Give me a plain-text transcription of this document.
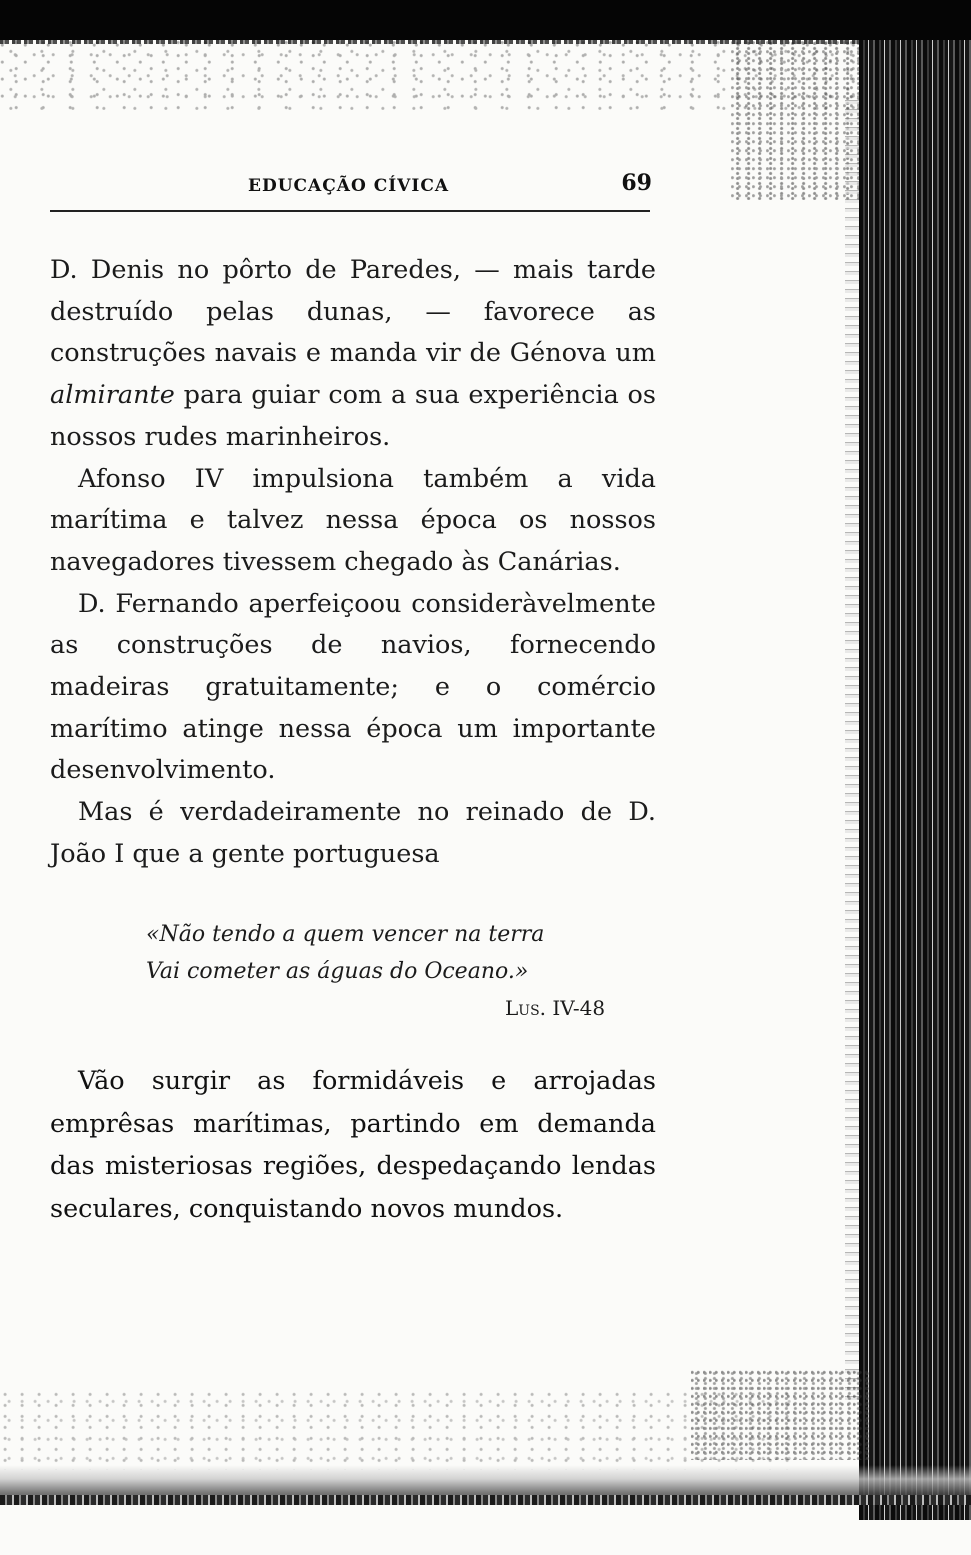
EDUCAÇÃO CÍVICA	69

D. Denis no pôrto de Paredes, — mais tarde destruído pelas dunas, — favorece as construções navais e manda vir de Génova um almirante para guiar com a sua experiência os nossos rudes marinheiros.

Afonso IV impulsiona também a vida marítima e talvez nessa época os nossos navegadores tivessem chegado às Canárias.

D. Fernando aperfeiçoou consideràvelmente as construções de navios, fornecendo madeiras gratuitamente; e o comércio marítimo atinge nessa época um importante desenvolvimento.

Mas é verdadeiramente no reinado de D. João I que a gente portuguesa

«Não tendo a quem vencer na terra
Vai cometer as águas do Oceano.»
Lus. IV-48

Vão surgir as formidáveis e arrojadas emprêsas marítimas, partindo em demanda das misteriosas regiões, despedaçando lendas seculares, conquistando novos mundos.
